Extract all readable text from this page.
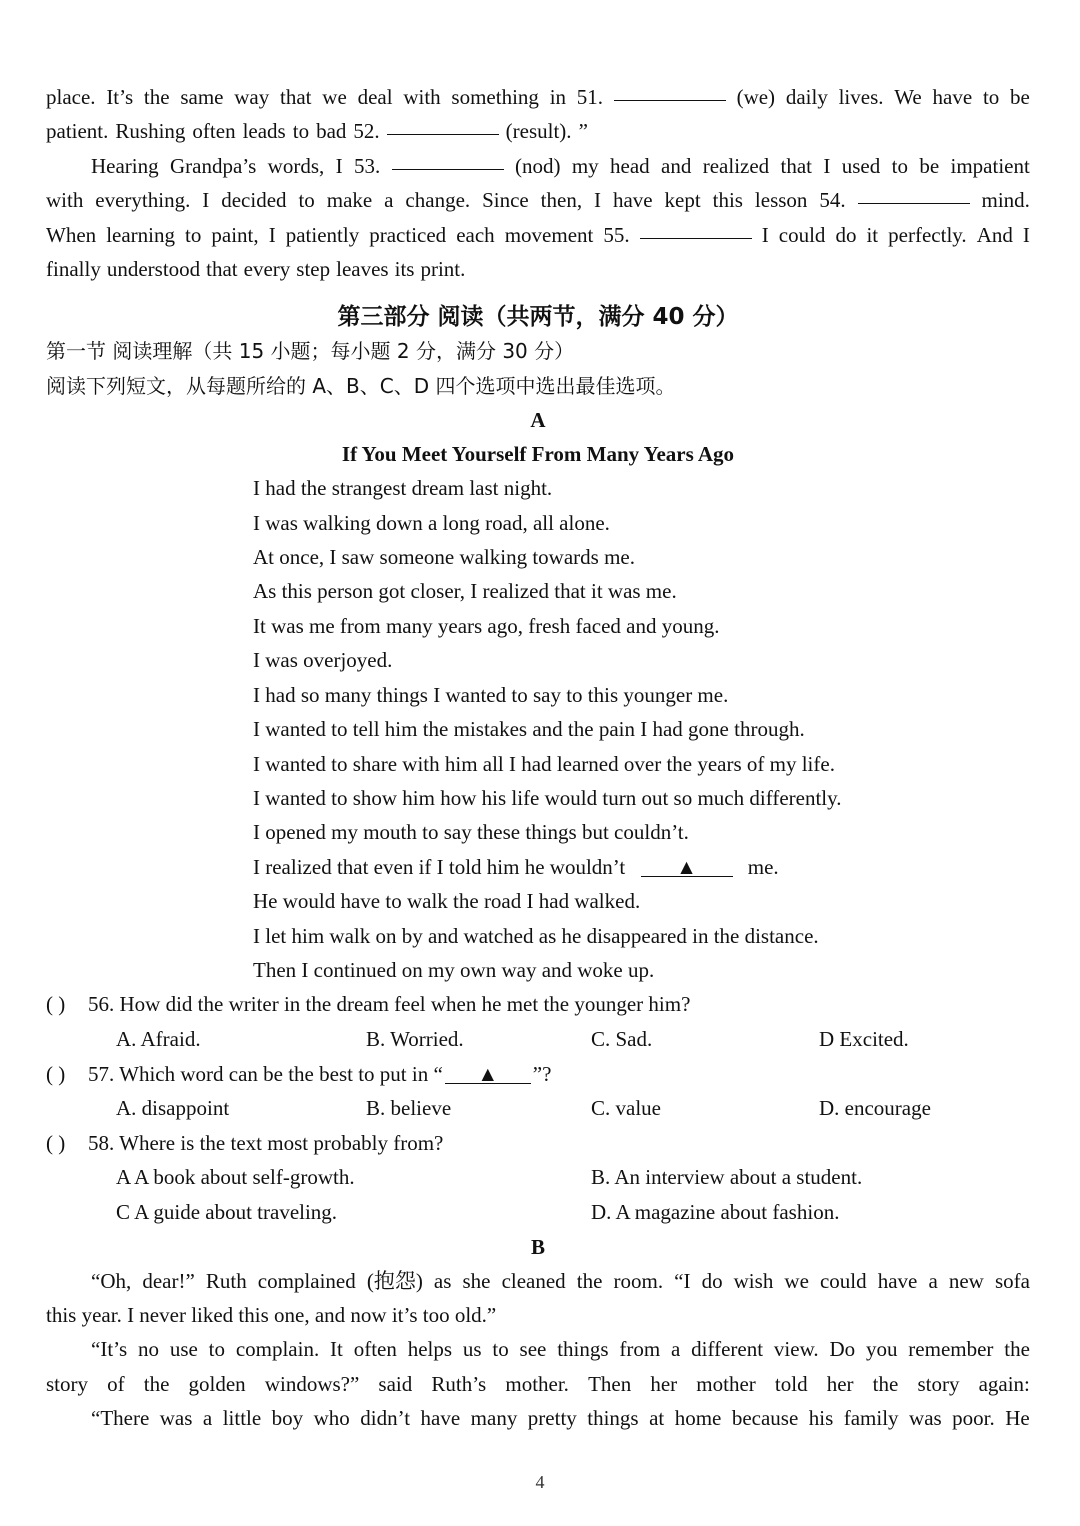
place. It’s the same way that we deal with something in 51.	(we) daily lives. We have to be
patient. Rushing often leads to bad 52.	(result). ”
Hearing Grandpa’s words, I 53.	(nod) my head and realized that I used to be impatient
with everything. I decided to make a change. Since then, I have kept this lesson 54.	mind.
When learning to paint, I patiently practiced each movement 55.	I could do it perfectly. And I
finally understood that every step leaves its print.
第三部分 阅读（共两节，满分 40 分）
第一节 阅读理解（共 15 小题；每小题 2 分，满分 30 分）
阅读下列短文，从每题所给的 A、B、C、D 四个选项中选出最佳选项。
A
If You Meet Yourself From Many Years Ago
I had the strangest dream last night.
I was walking down a long road, all alone.
At once, I saw someone walking towards me.
As this person got closer, I realized that it was me.
It was me from many years ago, fresh faced and young.
I was overjoyed.
I had so many things I wanted to say to this younger me.
I wanted to tell him the mistakes and the pain I had gone through.
I wanted to share with him all I had learned over the years of my life.
I wanted to show him how his life would turn out so much differently.
I opened my mouth to say these things but couldn’t.
I realized that even if I told him he wouldn’t ▲ me.
He would have to walk the road I had walked.
I let him walk on by and watched as he disappeared in the distance.
Then I continued on my own way and woke up.
( ) 56. How did the writer in the dream feel when he met the younger him?
A. Afraid.	B. Worried.	C. Sad.	D Excited.
( ) 57. Which word can be the best to put in “ ▲ ”?
A. disappoint	B. believe	C. value	D. encourage
( ) 58. Where is the text most probably from?
A A book about self-growth.	B. An interview about a student.
C A guide about traveling.	D. A magazine about fashion.
B
“Oh, dear!” Ruth complained (抱怨) as she cleaned the room. “I do wish we could have a new sofa
this year. I never liked this one, and now it’s too old.”
“It’s no use to complain. It often helps us to see things from a different view. Do you remember the
story of the golden windows?” said Ruth’s mother. Then her mother told her the story again:
“There was a little boy who didn’t have many pretty things at home because his family was poor. He
4
